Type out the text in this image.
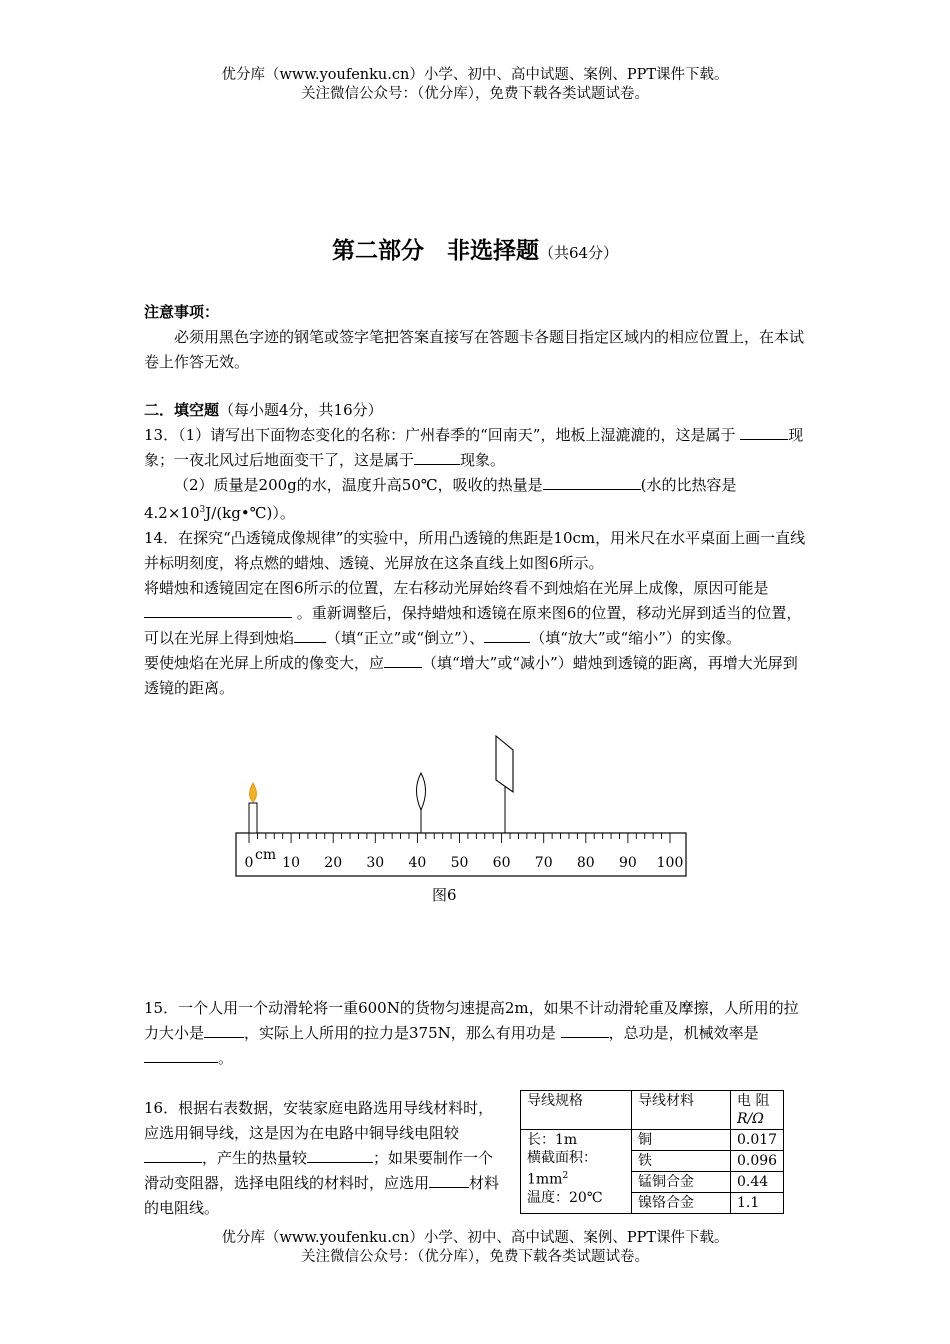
优分库（www.youfenku.cn）小学、初中、高中试题、案例、PPT课件下载。
关注微信公众号：（优分库），免费下载各类试题试卷。
第二部分　非选择题（共64分）
注意事项：
必须用黑色字迹的钢笔或签字笔把答案直接写在答题卡各题目指定区域内的相应位置上，在本试卷上作答无效。
二．填空题（每小题4分，共16分）
13．（1）请写出下面物态变化的名称：广州春季的“回南天”，地板上湿漉漉的，这是属于	现象；一夜北风过后地面变干了，这是属于	现象。
（2）质量是200g的水，温度升高50℃，吸收的热量是	(水的比热容是$4.2\times 10^3J/(kg•℃)$）。
14．在探究“凸透镜成像规律”的实验中，所用凸透镜的焦距是10cm，用米尺在水平桌面上画一直线并标明刻度，将点燃的蜡烛、透镜、光屏放在这条直线上如图6所示。
将蜡烛和透镜固定在图6所示的位置，左右移动光屏始终看不到烛焰在光屏上成像，原因可能是 。重新调整后，保持蜡烛和透镜在原来图6的位置，移动光屏到适当的位置，可以在光屏上得到烛焰 （填“正立”或“倒立”）、	（填“放大”或“缩小”）的实像。
要使烛焰在光屏上所成的像变大，应	（填“增大”或“减小”）蜡烛到透镜的距离，再增大光屏到透镜的距离。
cm
0 10 20 30 40 50 60 70 80 90 100
图6
15．一个人用一个动滑轮将一重600N的货物匀速提高2m，如果不计动滑轮重及摩擦，人所用的拉力大小是	，实际上人所用的拉力是375N，那么有用功是	，总功是，机械效率是。
16．根据右表数据，安装家庭电路选用导线材料时，应选用铜导线，这是因为在电路中铜导线电阻较，产生的热量较	；如果要制作一个滑动变阻器，选择电阻线的材料时，应选用	材料的电阻线。
导线规格	导线材料	电 阻
R/Ω
长：1m
横截面积：
$1mm^2$
温度：20℃	铜	0.017
	铁	0.096
	锰铜合金	0.44
	镍铬合金	1.1
优分库（www.youfenku.cn）小学、初中、高中试题、案例、PPT课件下载。
关注微信公众号：（优分库），免费下载各类试题试卷。
